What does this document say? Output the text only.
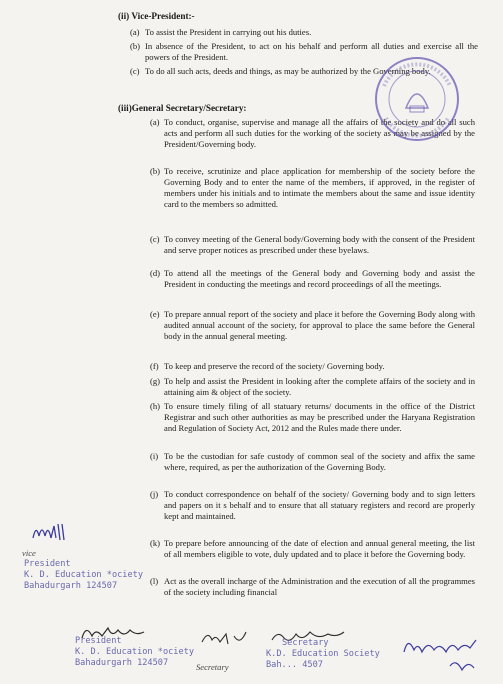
(ii) Vice-President:-
(a) To assist the President in carrying out his duties.
(b) In absence of the President, to act on his behalf and perform all duties and exercise all the powers of the President.
(c) To do all such acts, deeds and things, as may be authorized by the Governing body.
(iii)General Secretary/Secretary:
(a) To conduct, organise, supervise and manage all the affairs of the society and do all such acts and perform all such duties for the working of the society as may be assigned by the President/Governing body.
(b) To receive, scrutinize and place application for membership of the society before the Governing Body and to enter the name of the members, if approved, in the register of members under his initials and to intimate the members about the same and issue identity card to the members so admitted.
(c) To convey meeting of the General body/Governing body with the consent of the President and serve proper notices as prescribed under these byelaws.
(d) To attend all the meetings of the General body and Governing body and assist the President in conducting the meetings and record proceedings of all the meetings.
(e) To prepare annual report of the society and place it before the Governing Body along with audited annual account of the society, for approval to place the same before the General body in the annual general meeting.
(f) To keep and preserve the record of the society/ Governing body.
(g) To help and assist the President in looking after the complete affairs of the society and in attaining aim & object of the society.
(h) To ensure timely filing of all statuary returns/ documents in the office of the District Registrar and such other authorities as may be prescribed under the Haryana Registration and Regulation of Society Act, 2012 and the Rules made there under.
(i) To be the custodian for safe custody of common seal of the society and affix the same where, required, as per the authorization of the Governing Body.
(j) To conduct correspondence on behalf of the society/ Governing body and to sign letters and papers on it s behalf and to ensure that all statuary registers and record are properly kept and maintained.
(k) To prepare before announcing of the date of election and annual general meeting, the list of all members eligible to vote, duly updated and to place it before the Governing body.
(l) Act as the overall incharge of the Administration and the execution of all the programmes of the society including financial
vice
President
K. D. Education *ociety
Bahadurgarh 124507
President
K. D. Education *ociety
Bahadurgarh 124507	Secretary
Secretary
K.D. Education Society
Bah... 4507
